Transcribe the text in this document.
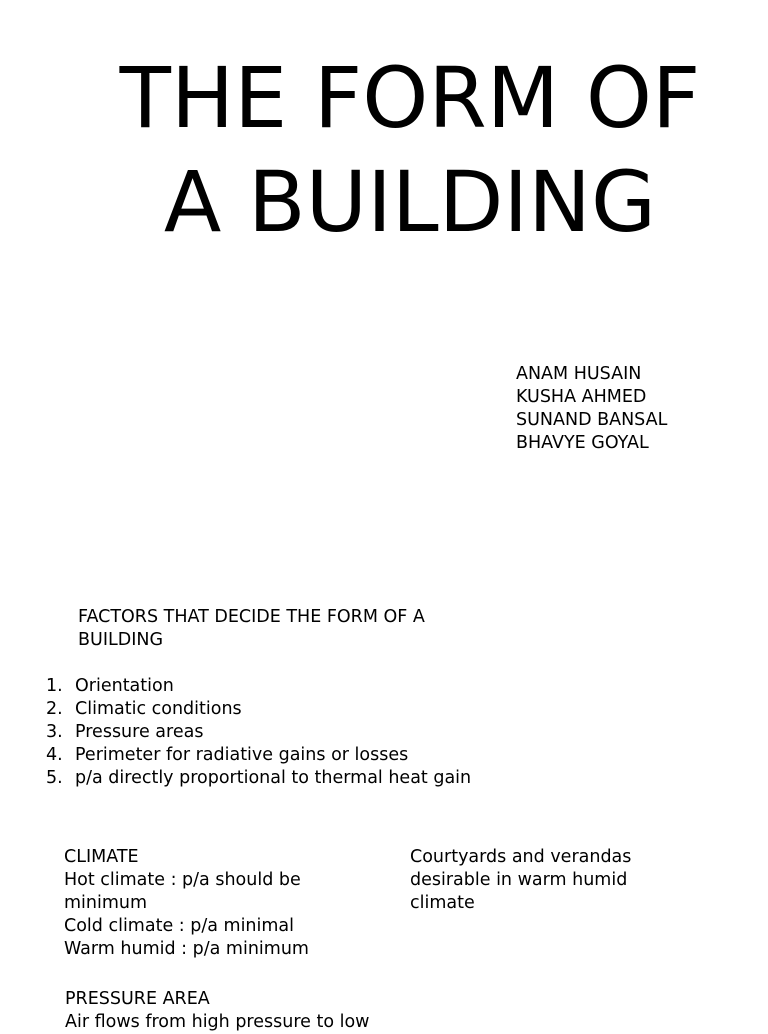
THE FORM OF
A BUILDING
ANAM HUSAIN
KUSHA AHMED
SUNAND BANSAL
BHAVYE GOYAL
FACTORS THAT DECIDE THE FORM OF A BUILDING
1. Orientation
2. Climatic conditions
3. Pressure areas
4. Perimeter for radiative gains or losses
5. p/a directly proportional to thermal heat gain
CLIMATE
Hot climate : p/a should be minimum
Cold climate : p/a minimal
Warm humid : p/a minimum
Courtyards and verandas desirable in warm humid climate
PRESSURE AREA
Air flows from high pressure to low
